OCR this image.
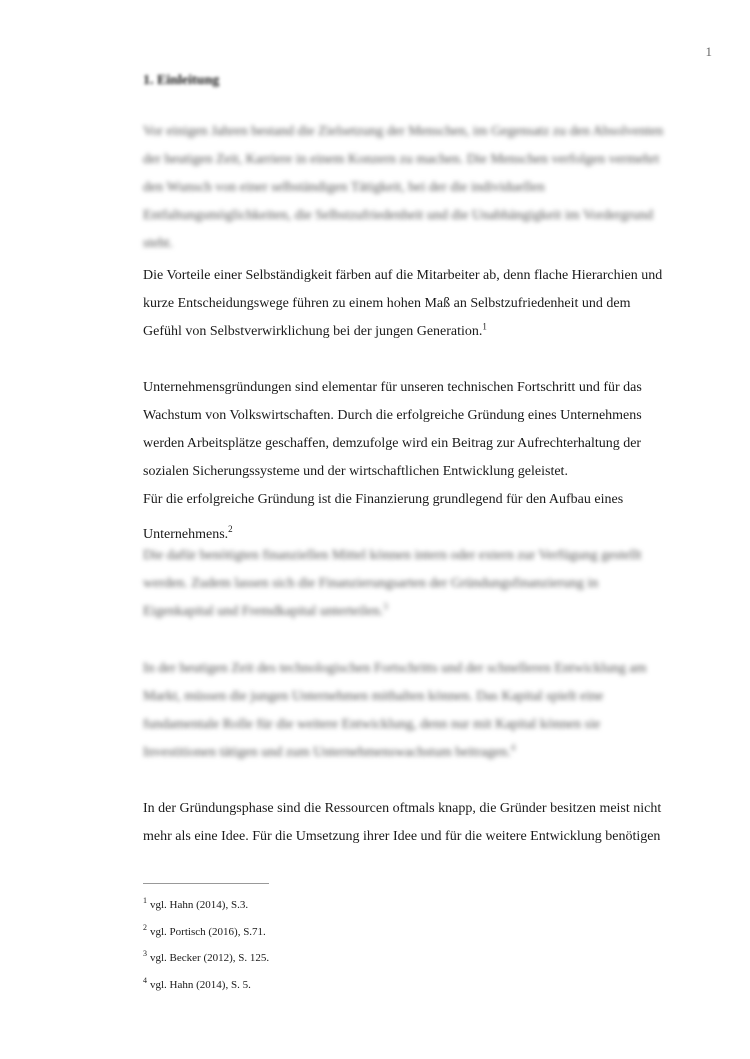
1
1. Einleitung
Vor einigen Jahren bestand die Zielsetzung der Menschen, im Gegensatz zu den Absolventen
der heutigen Zeit, Karriere in einem Konzern zu machen. Die Menschen verfolgen vermehrt
den Wunsch von einer selbständigen Tätigkeit, bei der die individuellen
Entfaltungsmöglichkeiten, die Selbstzufriedenheit und die Unabhängigkeit im Vordergrund
steht.
Die Vorteile einer Selbständigkeit färben auf die Mitarbeiter ab, denn flache Hierarchien und
kurze Entscheidungswege führen zu einem hohen Maß an Selbstzufriedenheit und dem
Gefühl von Selbstverwirklichung bei der jungen Generation.$^1$
Unternehmensgründungen sind elementar für unseren technischen Fortschritt und für das
Wachstum von Volkswirtschaften. Durch die erfolgreiche Gründung eines Unternehmens
werden Arbeitsplätze geschaffen, demzufolge wird ein Beitrag zur Aufrechterhaltung der
sozialen Sicherungssysteme und der wirtschaftlichen Entwicklung geleistet.
Für die erfolgreiche Gründung ist die Finanzierung grundlegend für den Aufbau eines
Unternehmens.$^2$
Die dafür benötigten finanziellen Mittel können intern oder extern zur Verfügung gestellt
werden. Zudem lassen sich die Finanzierungsarten der Gründungsfinanzierung in
Eigenkapital und Fremdkapital unterteilen.$^3$
In der heutigen Zeit des technologischen Fortschritts und der schnelleren Entwicklung am
Markt, müssen die jungen Unternehmen mithalten können. Das Kapital spielt eine
fundamentale Rolle für die weitere Entwicklung, denn nur mit Kapital können sie
Investitionen tätigen und zum Unternehmenswachstum beitragen.$^4$
In der Gründungsphase sind die Ressourcen oftmals knapp, die Gründer besitzen meist nicht
mehr als eine Idee. Für die Umsetzung ihrer Idee und für die weitere Entwicklung benötigen
$^1$ vgl. Hahn (2014), S.3.
$^2$ vgl. Portisch (2016), S.71.
$^3$ vgl. Becker (2012), S. 125.
$^4$ vgl. Hahn (2014), S. 5.
